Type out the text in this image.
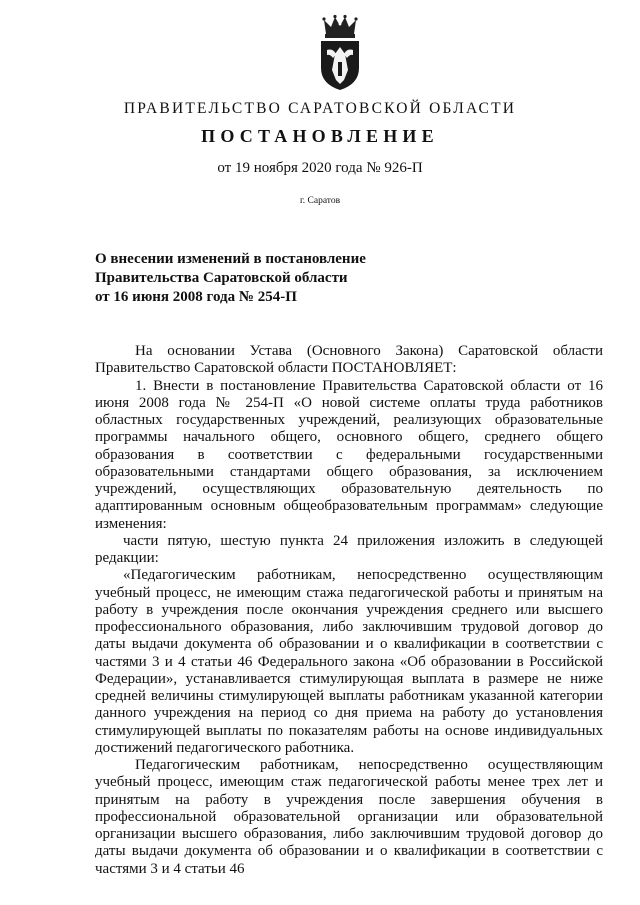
ПРАВИТЕЛЬСТВО САРАТОВСКОЙ ОБЛАСТИ
ПОСТАНОВЛЕНИЕ
от 19 ноября 2020 года № 926-П
г. Саратов
О внесении изменений в постановление
Правительства Саратовской области
от 16 июня 2008 года № 254-П

На основании Устава (Основного Закона) Саратовской области Правительство Саратовской области ПОСТАНОВЛЯЕТ:

1. Внести в постановление Правительства Саратовской области от 16 июня 2008 года № 254-П «О новой системе оплаты труда работников областных государственных учреждений, реализующих образовательные программы начального общего, основного общего, среднего общего образования в соответствии с федеральными государственными образовательными стандартами общего образования, за исключением учреждений, осуществляющих образовательную деятельность по адаптированным основным общеобразовательным программам» следующие изменения:

части пятую, шестую пункта 24 приложения изложить в следующей редакции:

«Педагогическим работникам, непосредственно осуществляющим учебный процесс, не имеющим стажа педагогической работы и принятым на работу в учреждения после окончания учреждения среднего или высшего профессионального образования, либо заключившим трудовой договор до даты выдачи документа об образовании и о квалификации в соответствии с частями 3 и 4 статьи 46 Федерального закона «Об образовании в Российской Федерации», устанавливается стимулирующая выплата в размере не ниже средней величины стимулирующей выплаты работникам указанной категории данного учреждения на период со дня приема на работу до установления стимулирующей выплаты по показателям работы на основе индивидуальных достижений педагогического работника.

Педагогическим работникам, непосредственно осуществляющим учебный процесс, имеющим стаж педагогической работы менее трех лет и принятым на работу в учреждения после завершения обучения в профессиональной образовательной организации или образовательной организации высшего образования, либо заключившим трудовой договор до даты выдачи документа об образовании и о квалификации в соответствии с частями 3 и 4 статьи 46
